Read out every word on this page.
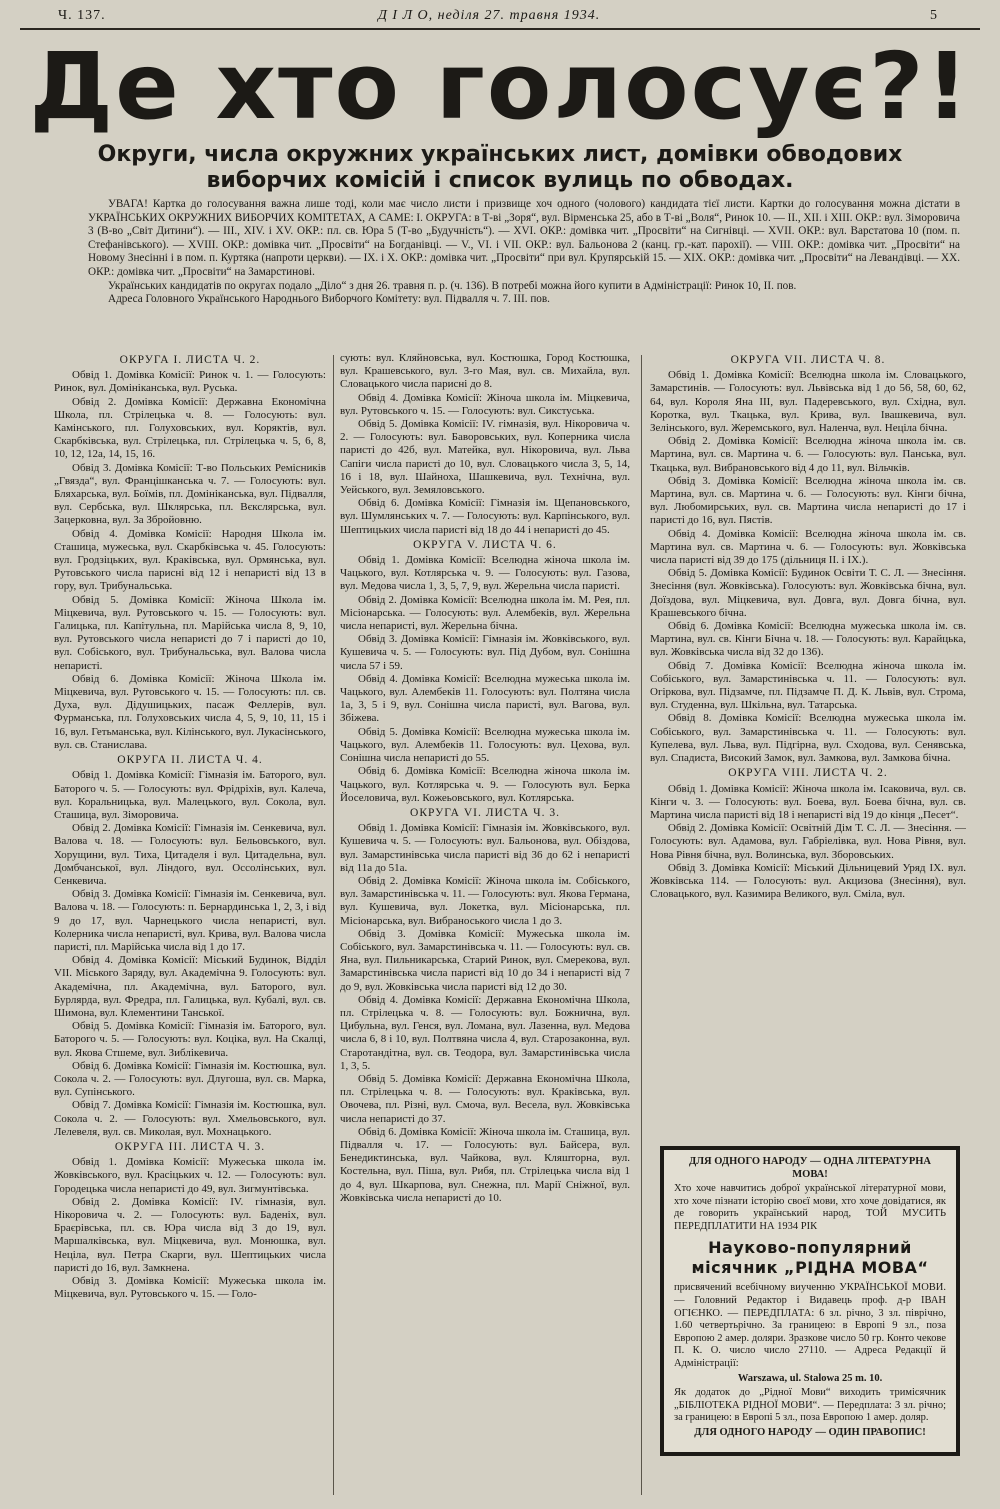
Ч. 137.	Д І Л О, неділя 27. травня 1934.	5
Де хто голосує?!
Округи, числа окружних українських лист, домівки обводових виборчих комісій і список вулиць по обводах.

УВАГА! Картка до голосування важна лише тоді, коли має число листи і призвище хоч одного (чолового) кандидата тієї листи. Картки до голосування можна дістати в УКРАЇНСЬКИХ ОКРУЖНИХ ВИБОРЧИХ КОМІТЕТАХ, А САМЕ: І. ОКРУГА: в Т-ві „Зоря“, вул. Вірменська 25, або в Т-ві „Воля“, Ринок 10. — ІІ., ХІІ. і ХІІІ. ОКР.: вул. Зіморовича 3 (В-во „Світ Дитини“). — ІІІ., XIV. і XV. ОКР.: пл. св. Юра 5 (Т-во „Будучність“). — XVI. ОКР.: домівка чит. „Просвіти“ на Сигнівці. — XVII. ОКР.: вул. Варстатова 10 (пом. п. Стефанівського). — XVIII. ОКР.: домівка чит. „Просвіти“ на Богданівці. — V., VI. і VII. ОКР.: вул. Бальонова 2 (канц. гр.-кат. парохії). — VIII. ОКР.: домівка чит. „Просвіти“ на Новому Знесінні і в пом. п. Куртяка (напроти церкви). — IX. і X. ОКР.: домівка чит. „Просвіти“ при вул. Крупярській 15. — XIX. ОКР.: домівка чит. „Просвіти“ на Левандівці. — XX. ОКР.: домівка чит. „Просвіти“ на Замарстинові.

Українських кандидатів по округах подало „Діло“ з дня 26. травня п. р. (ч. 136). В потребі можна його купити в Адміністрації: Ринок 10, ІІ. пов.

Адреса Головного Українського Народнього Виборчого Комітету: вул. Підвалля ч. 7. ІІІ. пов.

ОКРУГА І. ЛИСТА Ч. 2.

Обвід 1. Домівка Комісії: Ринок ч. 1. — Голосують: Ринок, вул. Домініканська, вул. Руська.

Обвід 2. Домівка Комісії: Державна Економічна Школа, пл. Стрілецька ч. 8. — Голосують: вул. Камінського, пл. Голуховських, вул. Коряктів, вул. Скарбківська, вул. Стрілецька, пл. Стрілецька ч. 5, 6, 8, 10, 12, 12а, 14, 15, 16.

Обвід 3. Домівка Комісії: Т-во Польських Ремісників „Гвязда“, вул. Францішканська ч. 7. — Голосують: вул. Бляхарська, вул. Боїмів, пл. Домініканська, вул. Підвалля, вул. Сербська, вул. Шклярська, пл. Вєкслярська, вул. Зацерковна, вул. За Збройовню.

Обвід 4. Домівка Комісії: Народня Школа ім. Сташица, мужеська, вул. Скарбківська ч. 45. Голосують: вул. Гродзіцьких, вул. Краківська, вул. Ормянська, вул. Рутовського числа парисні від 12 і непаристі від 13 в гору, вул. Трибунальська.

Обвід 5. Домівка Комісії: Жіноча Школа ім. Міцкевича, вул. Рутовського ч. 15. — Голосують: вул. Галицька, пл. Капітульна, пл. Марійська числа 8, 9, 10, вул. Рутовського числа непаристі до 7 і паристі до 10, вул. Собіського, вул. Трибунальська, вул. Валова числа непаристі.

Обвід 6. Домівка Комісії: Жіноча Школа ім. Міцкевича, вул. Рутовського ч. 15. — Голосують: пл. св. Духа, вул. Дідушицьких, пасаж Феллерів, вул. Фурманська, пл. Голуховських числа 4, 5, 9, 10, 11, 15 і 16, вул. Гетьманська, вул. Кілінського, вул. Лукасінського, вул. св. Станислава.

ОКРУГА ІІ. ЛИСТА Ч. 4.

Обвід 1. Домівка Комісії: Гімназія ім. Баторого, вул. Баторого ч. 5. — Голосують: вул. Фрідріхів, вул. Калеча, вул. Коральницька, вул. Малецького, вул. Сокола, вул. Сташица, вул. Зіморовича.

Обвід 2. Домівка Комісії: Гімназія ім. Сенкевича, вул. Валова ч. 18. — Голосують: вул. Бельовського, вул. Хорущини, вул. Тиха, Цитаделя і вул. Цитадельна, вул. Домбчанської, вул. Ліндого, вул. Оссолінських, вул. Сенкевича.

Обвід 3. Домівка Комісії: Гімназія ім. Сенкевича, вул. Валова ч. 18. — Голосують: п. Бернардинська 1, 2, 3, і від 9 до 17, вул. Чарнецького числа непаристі, вул. Колерника числа непаристі, вул. Крива, вул. Валова числа паристі, пл. Марійська числа від 1 до 17.

Обвід 4. Домівка Комісії: Міський Будинок, Відділ VII. Міського Заряду, вул. Академічна 9. Голосують: вул. Академічна, пл. Академічна, вул. Баторого, вул. Бурлярда, вул. Фредра, пл. Галицька, вул. Кубалі, вул. св. Шимона, вул. Клементини Танської.

Обвід 5. Домівка Комісії: Гімназія ім. Баторого, вул. Баторого ч. 5. — Голосують: вул. Коціка, вул. На Скалці, вул. Якова Стшеме, вул. Зиблікевича.

Обвід 6. Домівка Комісії: Гімназія ім. Костюшка, вул. Сокола ч. 2. — Голосують: вул. Длугоша, вул. св. Марка, вул. Супінського.

Обвід 7. Домівка Комісії: Гімназія ім. Костюшка, вул. Сокола ч. 2. — Голосують: вул. Хмельовського, вул. Лелевеля, вул. св. Миколая, вул. Мохнацького.

ОКРУГА ІІІ. ЛИСТА Ч. 3.

Обвід 1. Домівка Комісії: Мужеська школа ім. Жовківського, вул. Красіцьких ч. 12. — Голосують: вул. Городецька числа непаристі до 49, вул. Зигмунтівська.

Обвід 2. Домівка Комісії: IV. гімназія, вул. Нікоровича ч. 2. — Голосують: вул. Баденіх, вул. Браєрівська, пл. св. Юра числа від 3 до 19, вул. Маршалківська, вул. Міцкевича, вул. Монюшка, вул. Неціла, вул. Петра Скарги, вул. Шептицьких числа паристі до 16, вул. Замкнена.

Обвід 3. Домівка Комісії: Мужеська школа ім. Міцкевича, вул. Рутовського ч. 15. — Голо-

сують: вул. Кляйновська, вул. Костюшка, Город Костюшка, вул. Крашевського, вул. 3-го Мая, вул. св. Михайла, вул. Словацького числа парисні до 8.

Обвід 4. Домівка Комісії: Жіноча школа ім. Міцкевича, вул. Рутовського ч. 15. — Голосують: вул. Сикстуська.

Обвід 5. Домівка Комісії: IV. гімназія, вул. Нікоровича ч. 2. — Голосують: вул. Баворовських, вул. Коперника числа паристі до 42б, вул. Матейка, вул. Нікоровича, вул. Льва Сапіги числа паристі до 10, вул. Словацького числа 3, 5, 14, 16 і 18, вул. Шайноха, Шашкевича, вул. Технічна, вул. Уейського, вул. Земяловського.

Обвід 6. Домівка Комісії: Гімназія ім. Щепановського, вул. Шумлянських ч. 7. — Голосують: вул. Карпінського, вул. Шептицьких числа паристі від 18 до 44 і непаристі до 45.

ОКРУГА V. ЛИСТА Ч. 6.

Обвід 1. Домівка Комісії: Вселюдна жіноча школа ім. Чацького, вул. Котлярська ч. 9. — Голосують: вул. Газова, вул. Медова числа 1, 3, 5, 7, 9, вул. Жерельна числа паристі.

Обвід 2. Домівка Комісії: Вселюдна школа ім. М. Рея, пл. Місіонарська. — Голосують: вул. Алембеків, вул. Жерельна числа непаристі, вул. Жерельна бічна.

Обвід 3. Домівка Комісії: Гімназія ім. Жовківського, вул. Кушевича ч. 5. — Голосують: вул. Під Дубом, вул. Сонішна числа 57 і 59.

Обвід 4. Домівка Комісії: Вселюдна мужеська школа ім. Чацького, вул. Алембеків 11. Голосують: вул. Полтяна числа 1а, 3, 5 і 9, вул. Сонішна числа паристі, вул. Вагова, вул. Збіжева.

Обвід 5. Домівка Комісії: Вселюдна мужеська школа ім. Чацького, вул. Алембеків 11. Голосують: вул. Цехова, вул. Сонішна числа непаристі до 55.

Обвід 6. Домівка Комісії: Вселюдна жіноча школа ім. Чацького, вул. Котлярська ч. 9. — Голосують вул. Берка Йоселовича, вул. Кожеьовського, вул. Котлярська.

ОКРУГА VI. ЛИСТА Ч. 3.

Обвід 1. Домівка Комісії: Гімназія ім. Жовківського, вул. Кушевича ч. 5. — Голосують: вул. Бальонова, вул. Обіздова, вул. Замарстинівська числа паристі від 36 до 62 і непаристі від 11а до 51а.

Обвід 2. Домівка Комісії: Жіноча школа ім. Собіського, вул. Замарстинівська ч. 11. — Голосують: вул. Якова Германа, вул. Кушевича, вул. Локетка, вул. Місіонарська, пл. Місіонарська, вул. Вибраноського числа 1 до 3.

Обвід 3. Домівка Комісії: Мужеська школа ім. Собіського, вул. Замарстинівська ч. 11. — Голосують: вул. св. Яна, вул. Пильникарська, Старий Ринок, вул. Смерекова, вул. Замарстинівська числа паристі від 10 до 34 і непаристі від 7 до 9, вул. Жовківська числа паристі від 12 до 30.

Обвід 4. Домівка Комісії: Державна Економічна Школа, пл. Стрілецька ч. 8. — Голосують: вул. Божнична, вул. Цибульна, вул. Генся, вул. Ломана, вул. Лазенна, вул. Медова числа 6, 8 і 10, вул. Полтвяна числа 4, вул. Старозаконна, вул. Старотандітна, вул. св. Теодора, вул. Замарстинівська числа 1, 3, 5.

Обвід 5. Домівка Комісії: Державна Економічна Школа, пл. Стрілецька ч. 8. — Голосують: вул. Краківська, вул. Овочева, пл. Різні, вул. Смоча, вул. Весела, вул. Жовківська числа непаристі до 37.

Обвід 6. Домівка Комісії: Жіноча школа ім. Сташица, вул. Підвалля ч. 17. — Голосують: вул. Байсера, вул. Бенедиктинська, вул. Чайкова, вул. Кляшторна, вул. Костельна, вул. Піша, вул. Рибя, пл. Стрілецька числа від 1 до 4, вул. Шкарпова, вул. Снежна, пл. Марії Сніжної, вул. Жовківська числа непаристі до 10.

ОКРУГА VII. ЛИСТА Ч. 8.

Обвід 1. Домівка Комісії: Вселюдна школа ім. Словацького, Замарстинів. — Голосують: вул. Львівська від 1 до 56, 58, 60, 62, 64, вул. Короля Яна ІІІ, вул. Падеревського, вул. Східна, вул. Коротка, вул. Ткацька, вул. Крива, вул. Івашкевича, вул. Зелінського, вул. Жеремського, вул. Наленча, вул. Неціла бічна.

Обвід 2. Домівка Комісії: Вселюдна жіноча школа ім. св. Мартина, вул. св. Мартина ч. 6. — Голосують: вул. Панська, вул. Ткацька, вул. Вибрановського від 4 до 11, вул. Вільчків.

Обвід 3. Домівка Комісії: Вселюдна жіноча школа ім. св. Мартина, вул. св. Мартина ч. 6. — Голосують: вул. Кінги бічна, вул. Любомирських, вул. св. Мартина числа непаристі до 17 і паристі до 16, вул. Пястів.

Обвід 4. Домівка Комісії: Вселюдна жіноча школа ім. св. Мартина вул. св. Мартина ч. 6. — Голосують: вул. Жовківська числа паристі від 39 до 175 (дільниця ІІ. і ІХ.).

Обвід 5. Домівка Комісії: Будинок Освіти Т. С. Л. — Знесіння. Знесіння (вул. Жовківська). Голосують: вул. Жовківська бічна, вул. Доїздова, вул. Міцкевича, вул. Довга, вул. Довга бічна, вул. Крашевського бічна.

Обвід 6. Домівка Комісії: Вселюдна мужеська школа ім. св. Мартина, вул. св. Кінги Бічна ч. 18. — Голосують: вул. Карайцька, вул. Жовківська числа від 32 до 136).

Обвід 7. Домівка Комісії: Вселюдна жіноча школа ім. Собіського, вул. Замарстинівська ч. 11. — Голосують: вул. Огіркова, вул. Підзамче, пл. Підзамче П. Д. К. Львів, вул. Строма, вул. Студенна, вул. Шкільна, вул. Татарська.

Обвід 8. Домівка Комісії: Вселюдна мужеська школа ім. Собіського, вул. Замарстинівська ч. 11. — Голосують: вул. Купелева, вул. Льва, вул. Підгірна, вул. Сходова, вул. Сенявська, вул. Спадиста, Високий Замок, вул. Замкова, вул. Замкова бічна.

ОКРУГА VIII. ЛИСТА Ч. 2.

Обвід 1. Домівка Комісії: Жіноча школа ім. Ісаковича, вул. св. Кінги ч. 3. — Голосують: вул. Боева, вул. Боева бічна, вул. св. Мартина числа паристі від 18 і непаристі від 19 до кінця „Песет“.

Обвід 2. Домівка Комісії: Освітній Дім Т. С. Л. — Знесіння. — Голосують: вул. Адамова, вул. Габріелівка, вул. Нова Рівня, вул. Нова Рівня бічна, вул. Волинська, вул. Зборовських.

Обвід 3. Домівка Комісії: Міський Дільницевий Уряд IX. вул. Жовківська 114. — Голосують: вул. Акцизова (Знесіння), вул. Словацького, вул. Казимира Великого, вул. Сміла, вул.

ДЛЯ ОДНОГО НАРОДУ — ОДНА ЛІТЕРАТУРНА МОВА!

Хто хоче навчитись доброї української літературної мови, хто хоче пізнати історію своєї мови, хто хоче довідатися, як де говорить український народ, ТОЙ МУСИТЬ ПЕРЕДПЛАТИТИ НА 1934 РІК

Науково-популярний місячник „РІДНА МОВА“

присвячений всебічному виученню УКРАЇНСЬКОЇ МОВИ. — Головний Редактор і Видавець проф. д-р ІВАН ОГІЄНКО. — ПЕРЕДПЛАТА: 6 зл. річно, 3 зл. піврічно, 1.60 четвертьрічно. За границею: в Европі 9 зл., поза Европою 2 амер. доляри. Зразкове число 50 гр. Конто чекове П. К. О. число число 27110. — Адреса Редакції й Адміністрації:

Warszawa, ul. Stalowa 25 m. 10.

Як додаток до „Рідної Мови“ виходить тримісячник „БІБЛІОТЕКА РІДНОЇ МОВИ“. — Передплата: 3 зл. річно; за границею: в Европі 5 зл., поза Европою 1 амер. доляр.

ДЛЯ ОДНОГО НАРОДУ — ОДИН ПРАВОПИС!
